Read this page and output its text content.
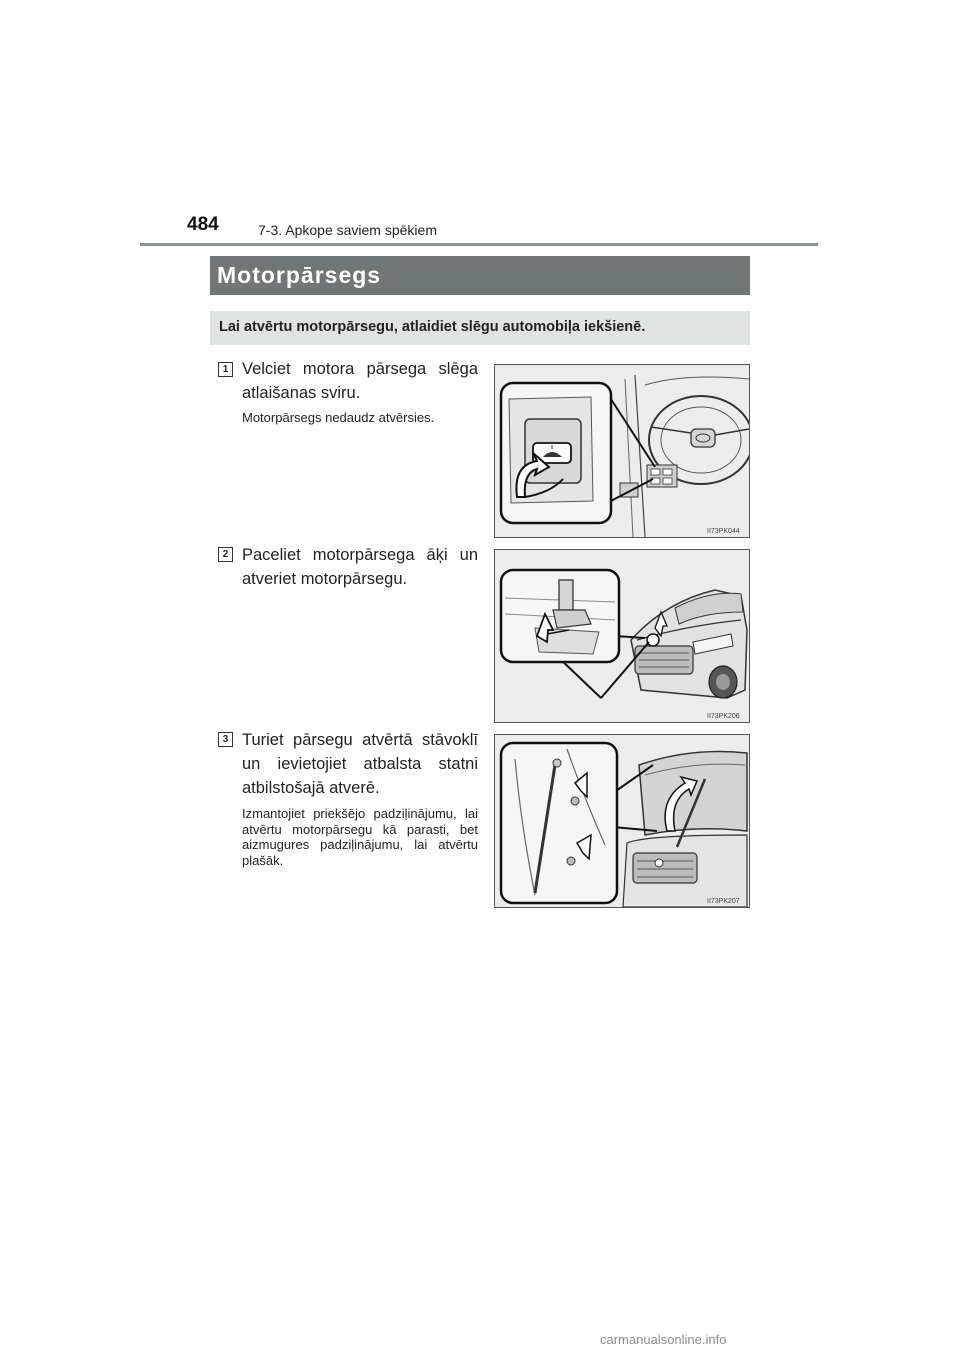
484	7-3. Apkope saviem spēkiem
Motorpārsegs
Lai atvērtu motorpārsegu, atlaidiet slēgu automobiļa iekšienē.
1 Velciet motora pārsega slēga atlaišanas sviru.
Motorpārsegs nedaudz atvērsies.
II73PK044
2 Paceliet motorpārsega āķi un atveriet motorpārsegu.
II73PK206
3 Turiet pārsegu atvērtā stāvoklī un ievietojiet atbalsta statni atbilstošajā atverē.
Izmantojiet priekšējo padziļinājumu, lai atvērtu motorpārsegu kā parasti, bet aizmugures padziļinājumu, lai atvērtu plašāk.
II73PK207
carmanualsonline.info
